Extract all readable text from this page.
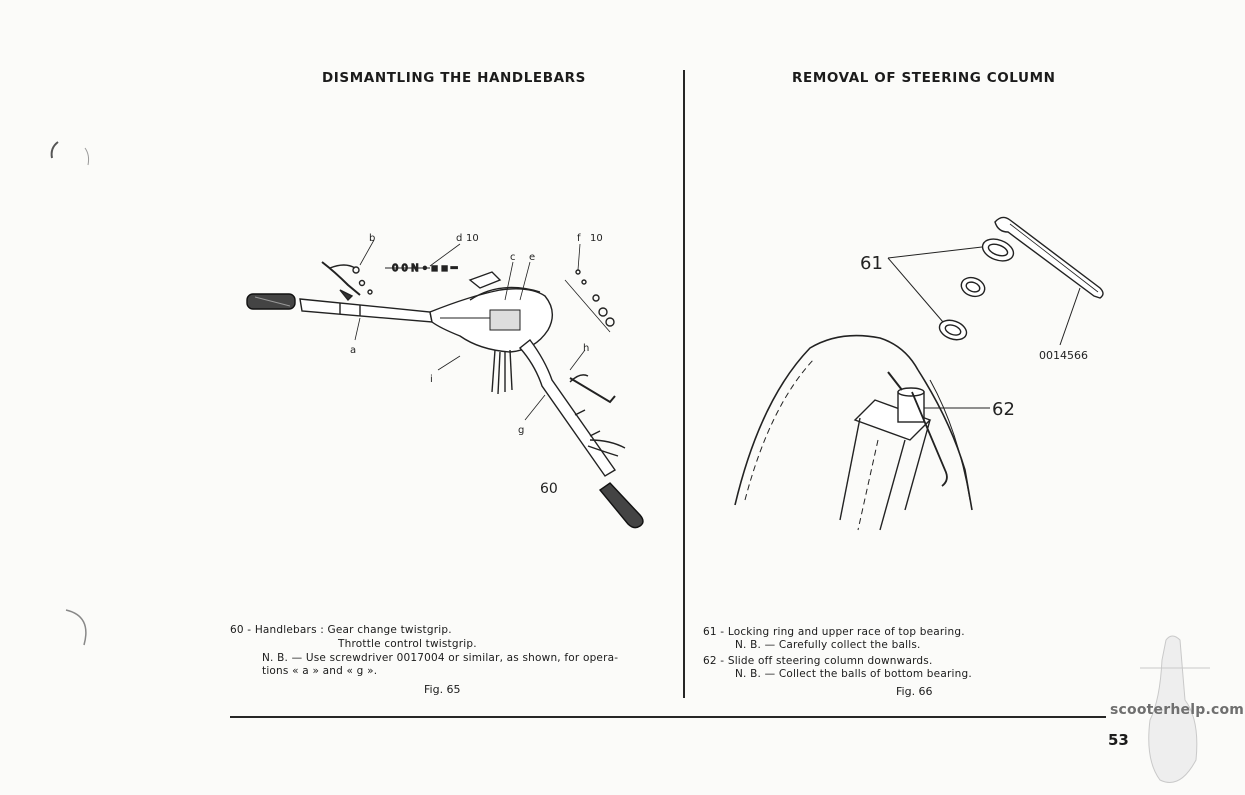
DISMANTLING THE HANDLEBARS	REMOVAL OF STEERING COLUMN
0 0 N ∘ ▪ ▪ ━
b
a
d 10
c e
f 10
h
i
g
60
61
62
0014566
60 - Handlebars : Gear change twistgrip.
Throttle control twistgrip.
N. B. — Use screwdriver 0017004 or similar, as shown, for opera-
tions « a » and « g ».
Fig. 65
61 - Locking ring and upper race of top bearing.
N. B. — Carefully collect the balls.
62 - Slide off steering column downwards.
N. B. — Collect the balls of bottom bearing.
Fig. 66
scooterhelp.com
53
